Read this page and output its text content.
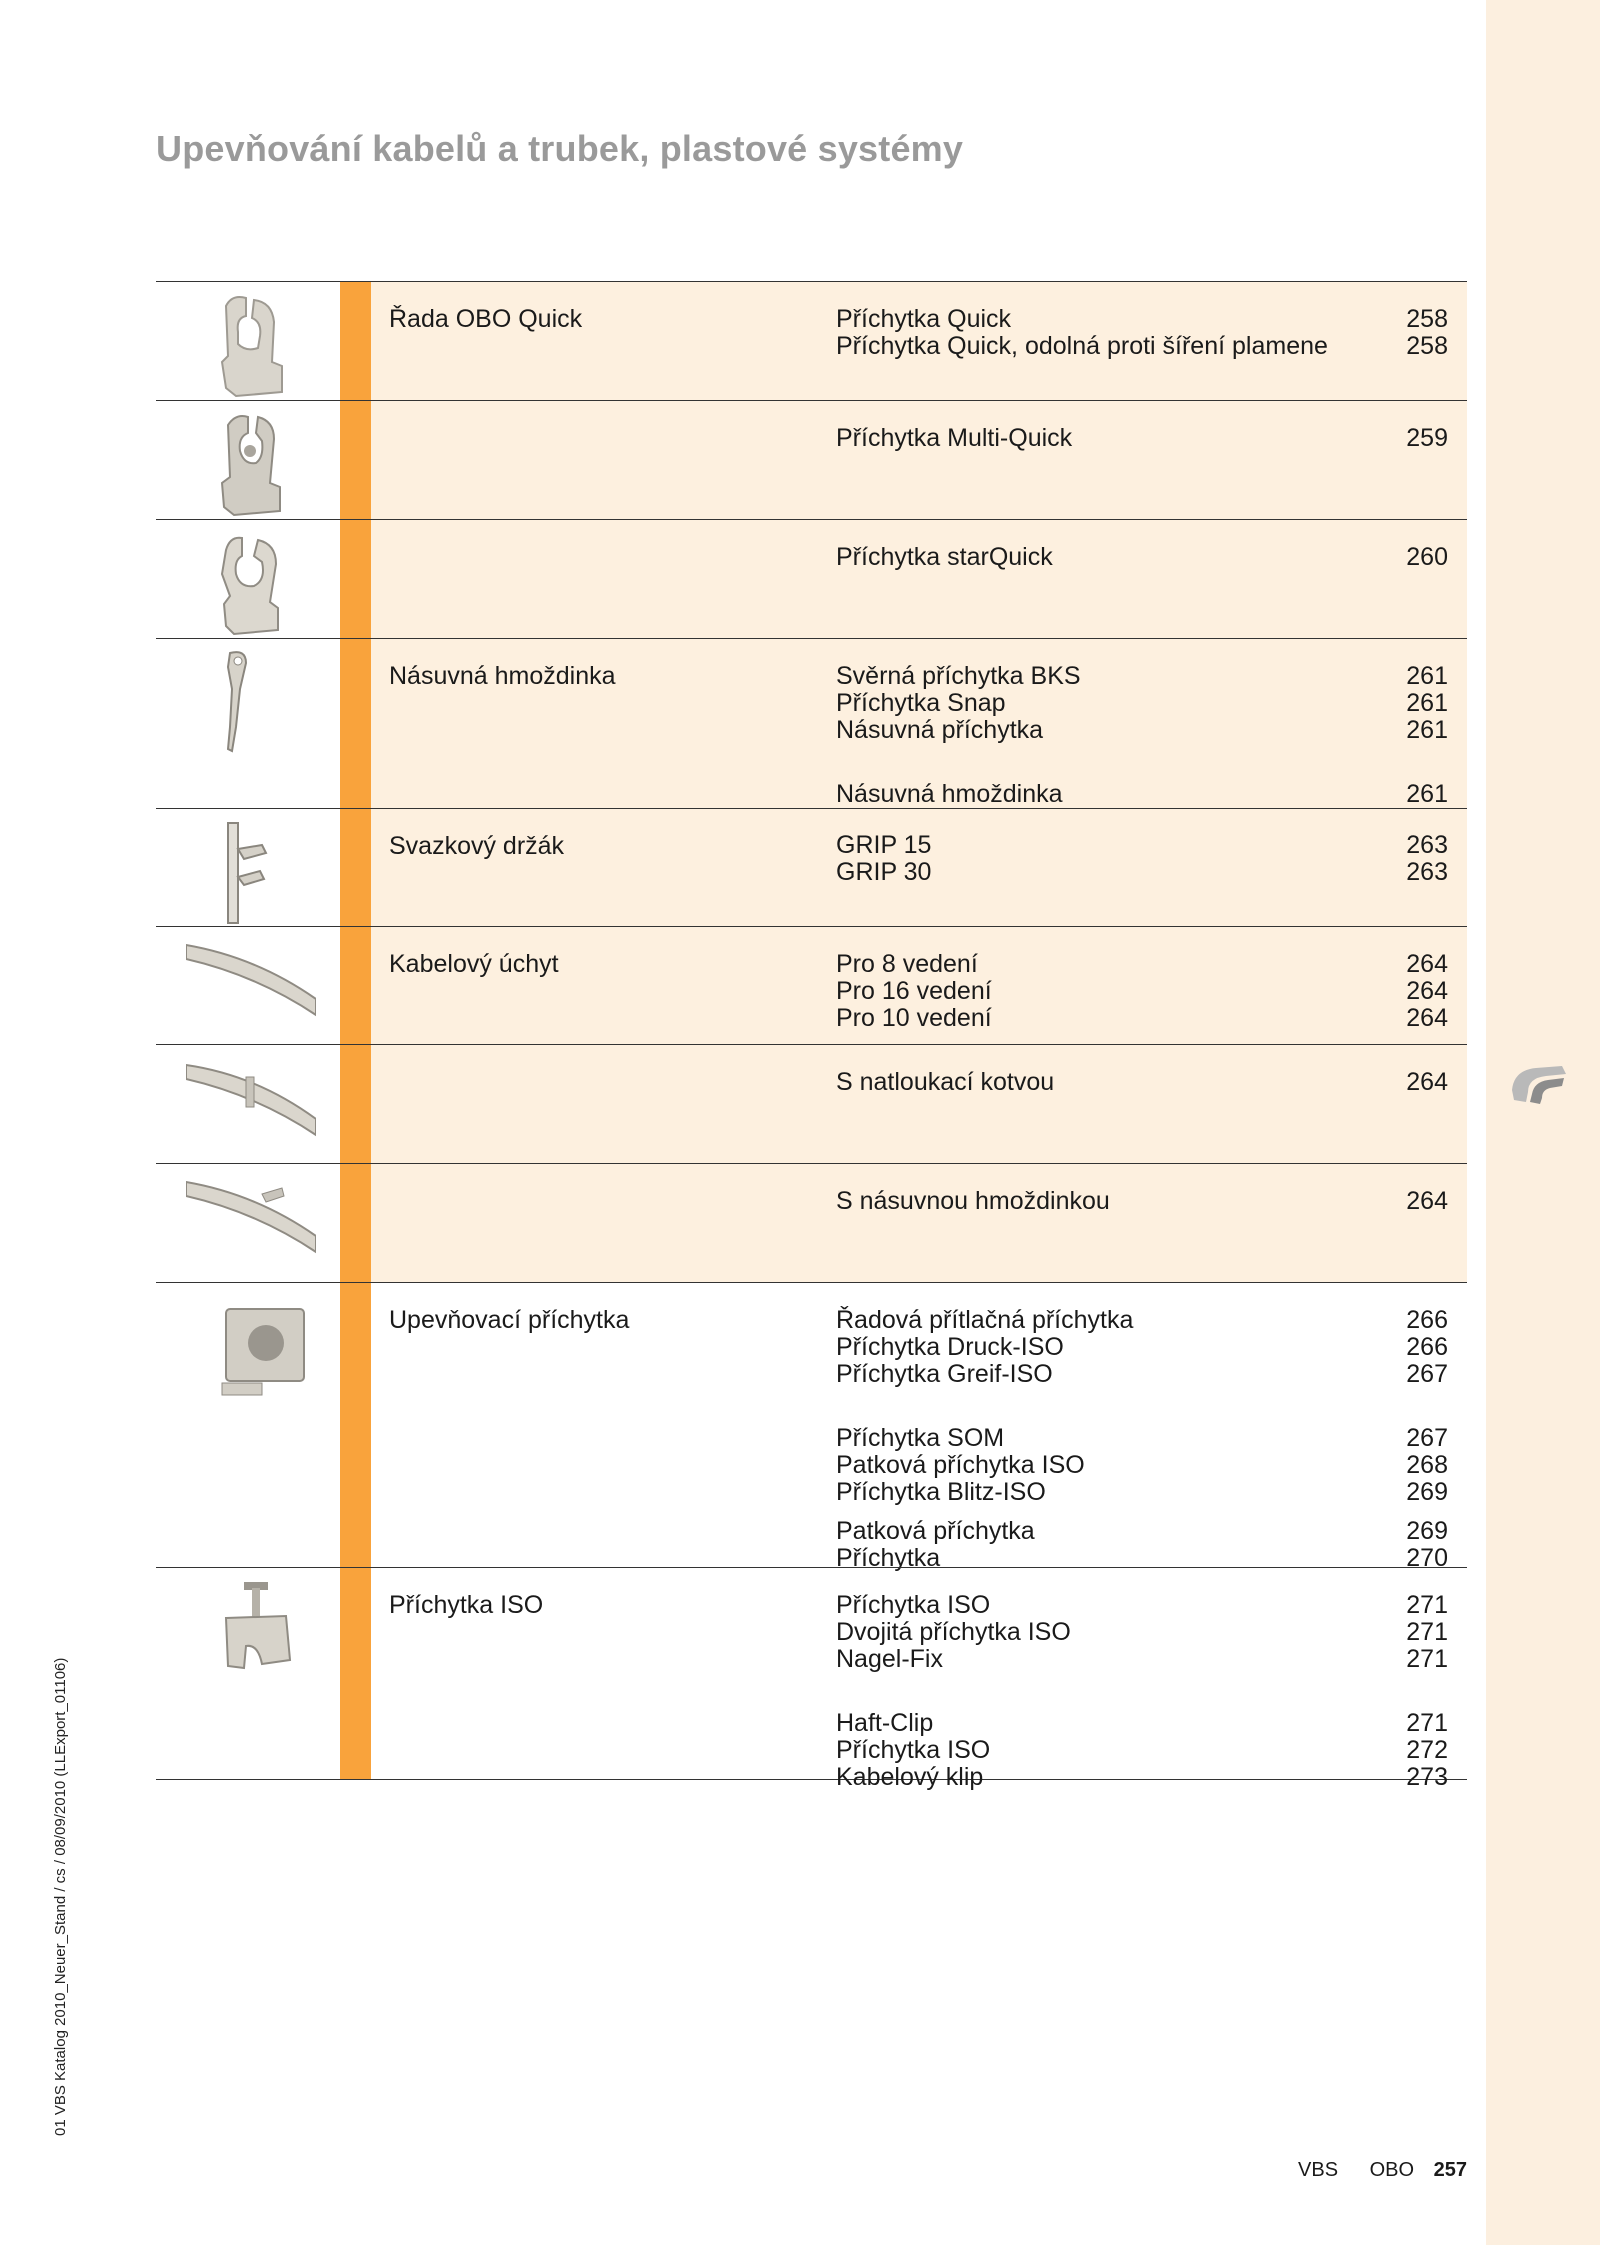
Upevňování kabelů a trubek, plastové systémy
Řada OBO Quick	Příchytka Quick	258
Příchytka Quick, odolná proti šíření plamene	258
Příchytka Multi-Quick	259
Příchytka starQuick	260
Násuvná hmoždinka	Svěrná příchytka BKS	261
Příchytka Snap	261
Násuvná příchytka	261
Násuvná hmoždinka	261
Svazkový držák	GRIP 15	263
GRIP 30	263
Kabelový úchyt	Pro 8 vedení	264
Pro 16 vedení	264
Pro 10 vedení	264
S natloukací kotvou	264
S násuvnou hmoždinkou	264
Upevňovací příchytka	Řadová přítlačná příchytka	266
Příchytka Druck-ISO	266
Příchytka Greif-ISO	267
Příchytka SOM	267
Patková příchytka ISO	268
Příchytka Blitz-ISO	269
Patková příchytka	269
Příchytka	270
Příchytka ISO	Příchytka ISO	271
Dvojitá příchytka ISO	271
Nagel-Fix	271
Haft-Clip	271
Příchytka ISO	272
Kabelový klip	273
VBS OBO 257
01 VBS Katalog 2010_Neuer_Stand / cs / 08/09/2010 (LLExport_01106)
